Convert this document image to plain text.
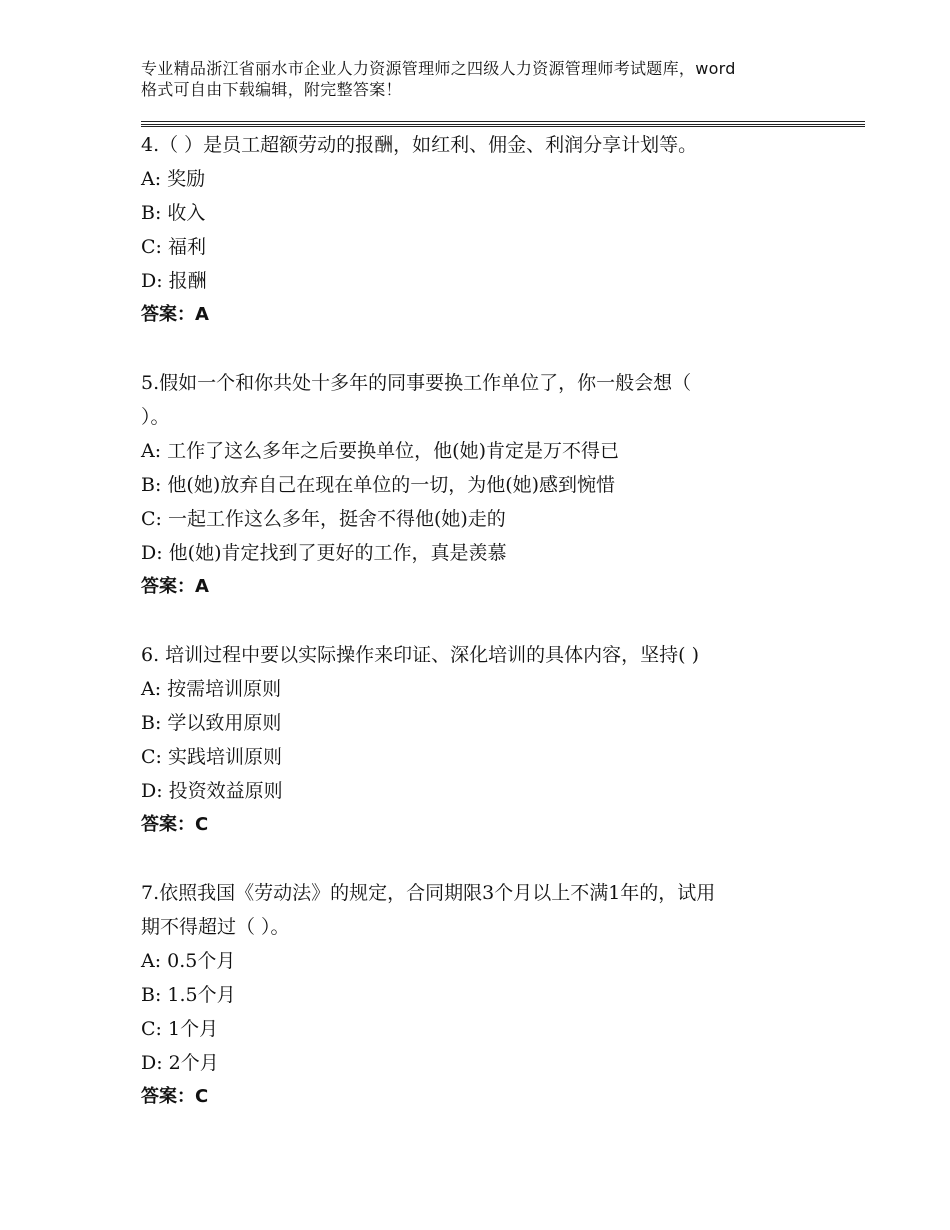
专业精品浙江省丽水市企业人力资源管理师之四级人力资源管理师考试题库，word
格式可自由下载编辑，附完整答案！
4.（ ）是员工超额劳动的报酬，如红利、佣金、利润分享计划等。
A: 奖励
B: 收入
C: 福利
D: 报酬
答案：A
5.假如一个和你共处十多年的同事要换工作单位了，你一般会想（
）。
A: 工作了这么多年之后要换单位，他(她)肯定是万不得已
B: 他(她)放弃自己在现在单位的一切，为他(她)感到惋惜
C: 一起工作这么多年，挺舍不得他(她)走的
D: 他(她)肯定找到了更好的工作，真是羡慕
答案：A
6. 培训过程中要以实际操作来印证、深化培训的具体内容，坚持( )
A: 按需培训原则
B: 学以致用原则
C: 实践培训原则
D: 投资效益原则
答案：C
7.依照我国《劳动法》的规定，合同期限3个月以上不满1年的，试用
期不得超过（ ）。
A: 0.5个月
B: 1.5个月
C: 1个月
D: 2个月
答案：C
